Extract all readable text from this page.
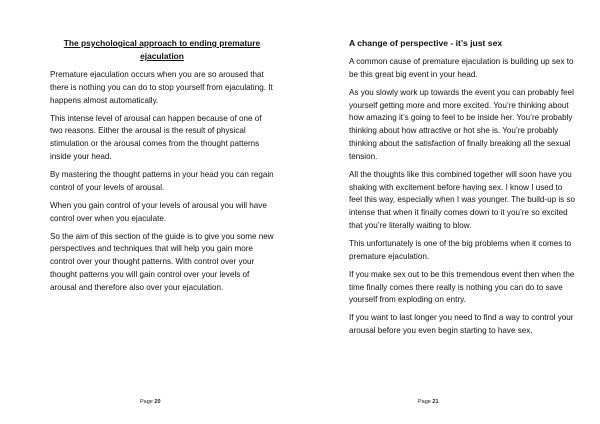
The psychological approach to ending premature ejaculation

Premature ejaculation occurs when you are so aroused that there is nothing you can do to stop yourself from ejaculating. It happens almost automatically.

This intense level of arousal can happen because of one of two reasons. Either the arousal is the result of physical stimulation or the arousal comes from the thought patterns inside your head.

By mastering the thought patterns in your head you can regain control of your levels of arousal.

When you gain control of your levels of arousal you will have control over when you ejaculate.

So the aim of this section of the guide is to give you some new perspectives and techniques that will help you gain more control over your thought patterns. With control over your thought patterns you will gain control over your levels of arousal and therefore also over your ejaculation.

Page 20
A change of perspective - it’s just sex

A common cause of premature ejaculation is building up sex to be this great big event in your head.

As you slowly work up towards the event you can probably feel yourself getting more and more excited. You’re thinking about how amazing it’s going to feel to be inside her. You’re probably thinking about how attractive or hot she is. You’re probably thinking about the satisfaction of finally breaking all the sexual tension.

All the thoughts like this combined together will soon have you shaking with excitement before having sex. I know I used to feel this way, especially when I was younger. The build-up is so intense that when it finally comes down to it you’re so excited that you’re literally waiting to blow.

This unfortunately is one of the big problems when it comes to premature ejaculation.

If you make sex out to be this tremendous event then when the time finally comes there really is nothing you can do to save yourself from exploding on entry.

If you want to last longer you need to find a way to control your arousal before you even begin starting to have sex.

Page 21
